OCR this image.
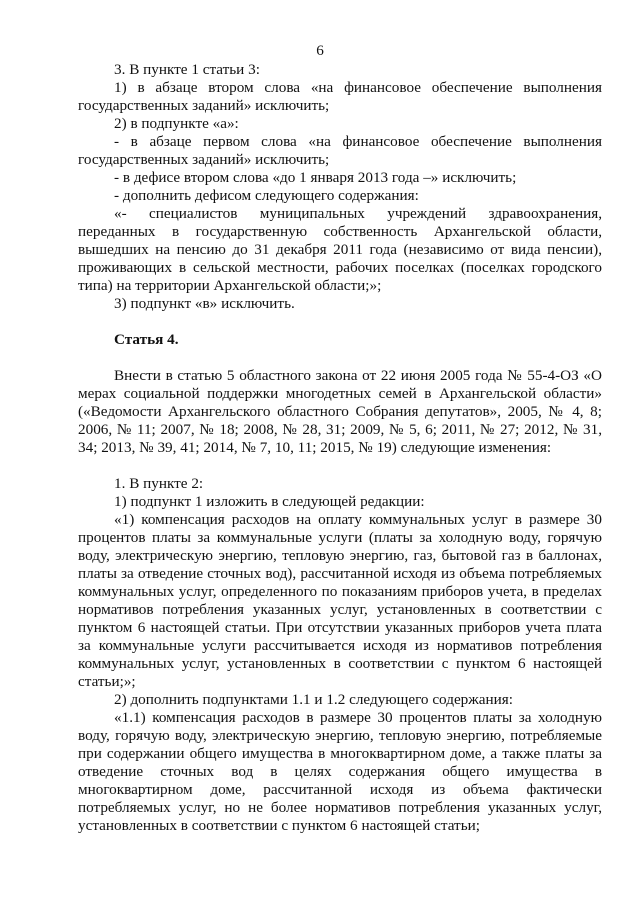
6

3. В пункте 1 статьи 3:

1) в абзаце втором слова «на финансовое обеспечение выполнения государственных заданий» исключить;

2) в подпункте «а»:

- в абзаце первом слова «на финансовое обеспечение выполнения государственных заданий» исключить;

- в дефисе втором слова «до 1 января 2013 года –» исключить;

- дополнить дефисом следующего содержания:

«- специалистов муниципальных учреждений здравоохранения, переданных в государственную собственность Архангельской области, вышедших на пенсию до 31 декабря 2011 года (независимо от вида пенсии), проживающих в сельской местности, рабочих поселках (поселках городского типа) на территории Архангельской области;»;

3) подпункт «в» исключить.

Статья 4.

Внести в статью 5 областного закона от 22 июня 2005 года № 55-4-ОЗ «О мерах социальной поддержки многодетных семей в Архангельской области» («Ведомости Архангельского областного Собрания депутатов», 2005, № 4, 8; 2006, № 11; 2007, № 18; 2008, № 28, 31; 2009, № 5, 6; 2011, № 27; 2012, № 31, 34; 2013, № 39, 41; 2014, № 7, 10, 11; 2015, № 19) следующие изменения:

1. В пункте 2:

1) подпункт 1 изложить в следующей редакции:

«1) компенсация расходов на оплату коммунальных услуг в размере 30 процентов платы за коммунальные услуги (платы за холодную воду, горячую воду, электрическую энергию, тепловую энергию, газ, бытовой газ в баллонах, платы за отведение сточных вод), рассчитанной исходя из объема потребляемых коммунальных услуг, определенного по показаниям приборов учета, в пределах нормативов потребления указанных услуг, установленных в соответствии с пунктом 6 настоящей статьи. При отсутствии указанных приборов учета плата за коммунальные услуги рассчитывается исходя из нормативов потребления коммунальных услуг, установленных в соответствии с пунктом 6 настоящей статьи;»;

2) дополнить подпунктами 1.1 и 1.2 следующего содержания:

«1.1) компенсация расходов в размере 30 процентов платы за холодную воду, горячую воду, электрическую энергию, тепловую энергию, потребляемые при содержании общего имущества в многоквартирном доме, а также платы за отведение сточных вод в целях содержания общего имущества в многоквартирном доме, рассчитанной исходя из объема фактически потребляемых услуг, но не более нормативов потребления указанных услуг, установленных в соответствии с пунктом 6 настоящей статьи;
